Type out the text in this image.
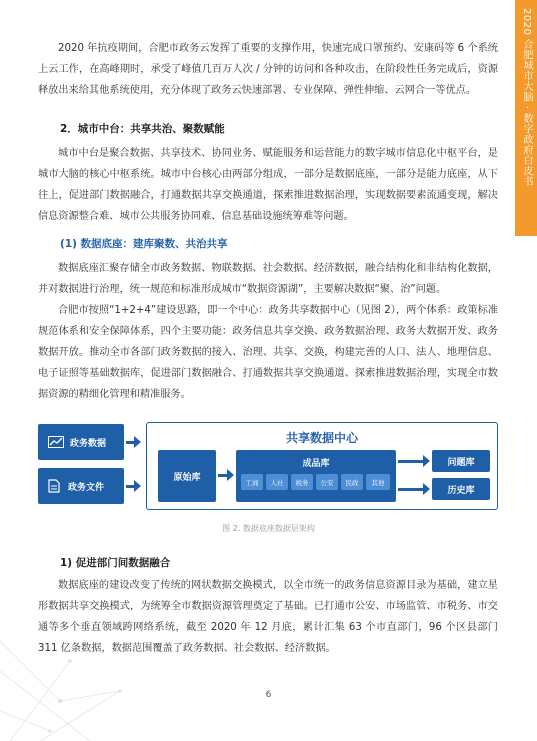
2020 合肥城市大脑 · 数字政府白皮书

2020 年抗疫期间，合肥市政务云发挥了重要的支撑作用，快速完成口罩预约、安康码等 6 个系统上云工作，在高峰期时，承受了峰值几百万人次 / 分钟的访问和各种攻击，在阶段性任务完成后，资源释放出来给其他系统使用，充分体现了政务云快速部署、专业保障、弹性伸缩、云网合一等优点。

2．城市中台：共享共治、聚数赋能

城市中台是聚合数据、共享技术、协同业务、赋能服务和运营能力的数字城市信息化中枢平台，是城市大脑的核心中枢系统。城市中台核心由两部分组成，一部分是数据底座，一部分是能力底座，从下往上，促进部门数据融合，打通数据共享交换通道，探索推进数据治理，实现数据要素流通变现，解决信息资源整合难、城市公共服务协同难、信息基础设施统筹难等问题。

(1) 数据底座：建库聚数、共治共享

数据底座汇聚存储全市政务数据、物联数据、社会数据、经济数据，融合结构化和非结构化数据，并对数据进行治理，统一规范和标准形成城市“数据资源湖”，主要解决数据“聚、治”问题。

合肥市按照“1+2+4”建设思路，即一个中心：政务共享数据中心（见图 2），两个体系：政策标准规范体系和安全保障体系，四个主要功能：政务信息共享交换、政务数据治理、政务大数据开发、政务数据开放。推动全市各部门政务数据的接入、治理、共享、交换，构建完善的人口、法人、地理信息、电子证照等基础数据库，促进部门数据融合、打通数据共享交换通道、探索推进数据治理，实现全市数据资源的精细化管理和精准服务。

政务数据
政务文件
共享数据中心
原始库
成品库
工商	人社	税务	公安	民政	其他
问题库
历史库
图 2. 数据底座数据层架构
1) 促进部门间数据融合

数据底座的建设改变了传统的网状数据交换模式，以全市统一的政务信息资源目录为基础，建立星形数据共享交换模式，为统筹全市数据资源管理奠定了基础。已打通市公安、市场监管、市税务、市交通等多个垂直领域跨网络系统，截至 2020 年 12 月底，累计汇集 63 个市直部门，96 个区县部门 311 亿条数据，数据范围覆盖了政务数据、社会数据、经济数据。

6
